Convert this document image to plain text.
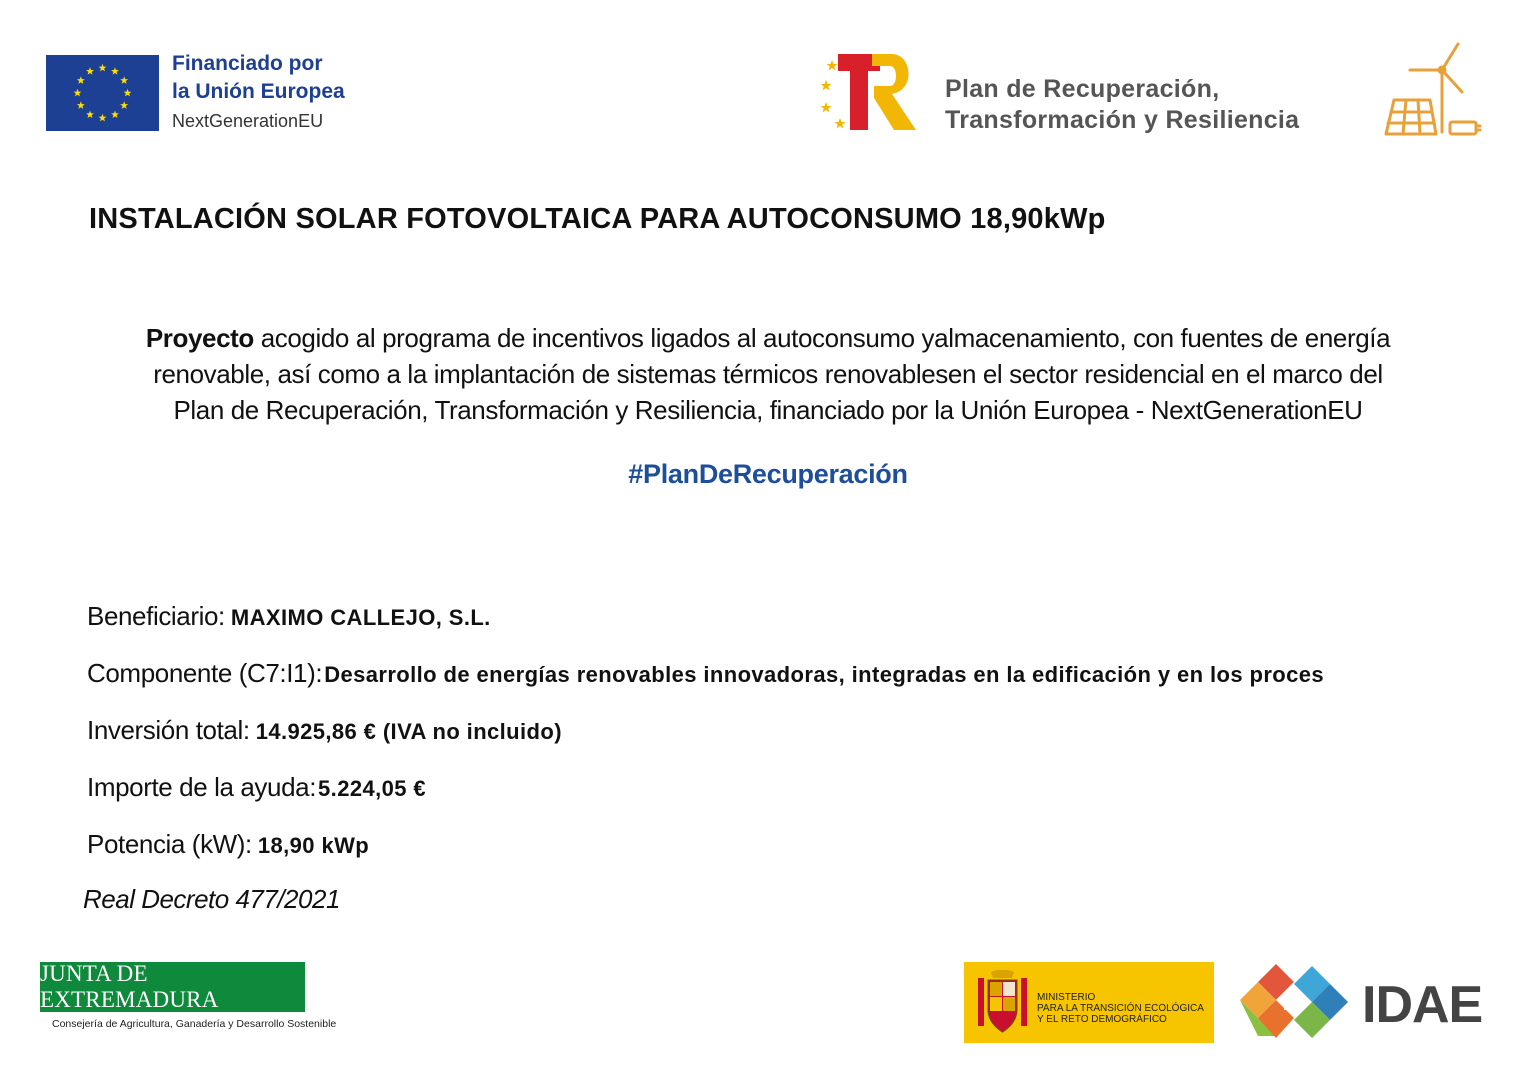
Financiado por
la Unión Europea
NextGenerationEU
Plan de Recuperación,
Transformación y Resiliencia
INSTALACIÓN SOLAR FOTOVOLTAICA PARA AUTOCONSUMO 18,90kWp
Proyecto acogido al programa de incentivos ligados al autoconsumo yalmacenamiento, con fuentes de energía
renovable, así como a la implantación de sistemas térmicos renovablesen el sector residencial en el marco del
Plan de Recuperación, Transformación y Resiliencia, financiado por la Unión Europea - NextGenerationEU
#PlanDeRecuperación
Beneficiario: MAXIMO CALLEJO, S.L.
Componente (C7:I1):Desarrollo de energías renovables innovadoras, integradas en la edificación y en los proces
Inversión total: 14.925,86 € (IVA no incluido)
Importe de la ayuda:5.224,05 €
Potencia (kW): 18,90 kWp
Real Decreto 477/2021
JUNTA DE EXTREMADURA
Consejería de Agricultura, Ganadería y Desarrollo Sostenible
MINISTERIO
PARA LA TRANSICIÓN ECOLÓGICA
Y EL RETO DEMOGRÁFICO	IDAE
